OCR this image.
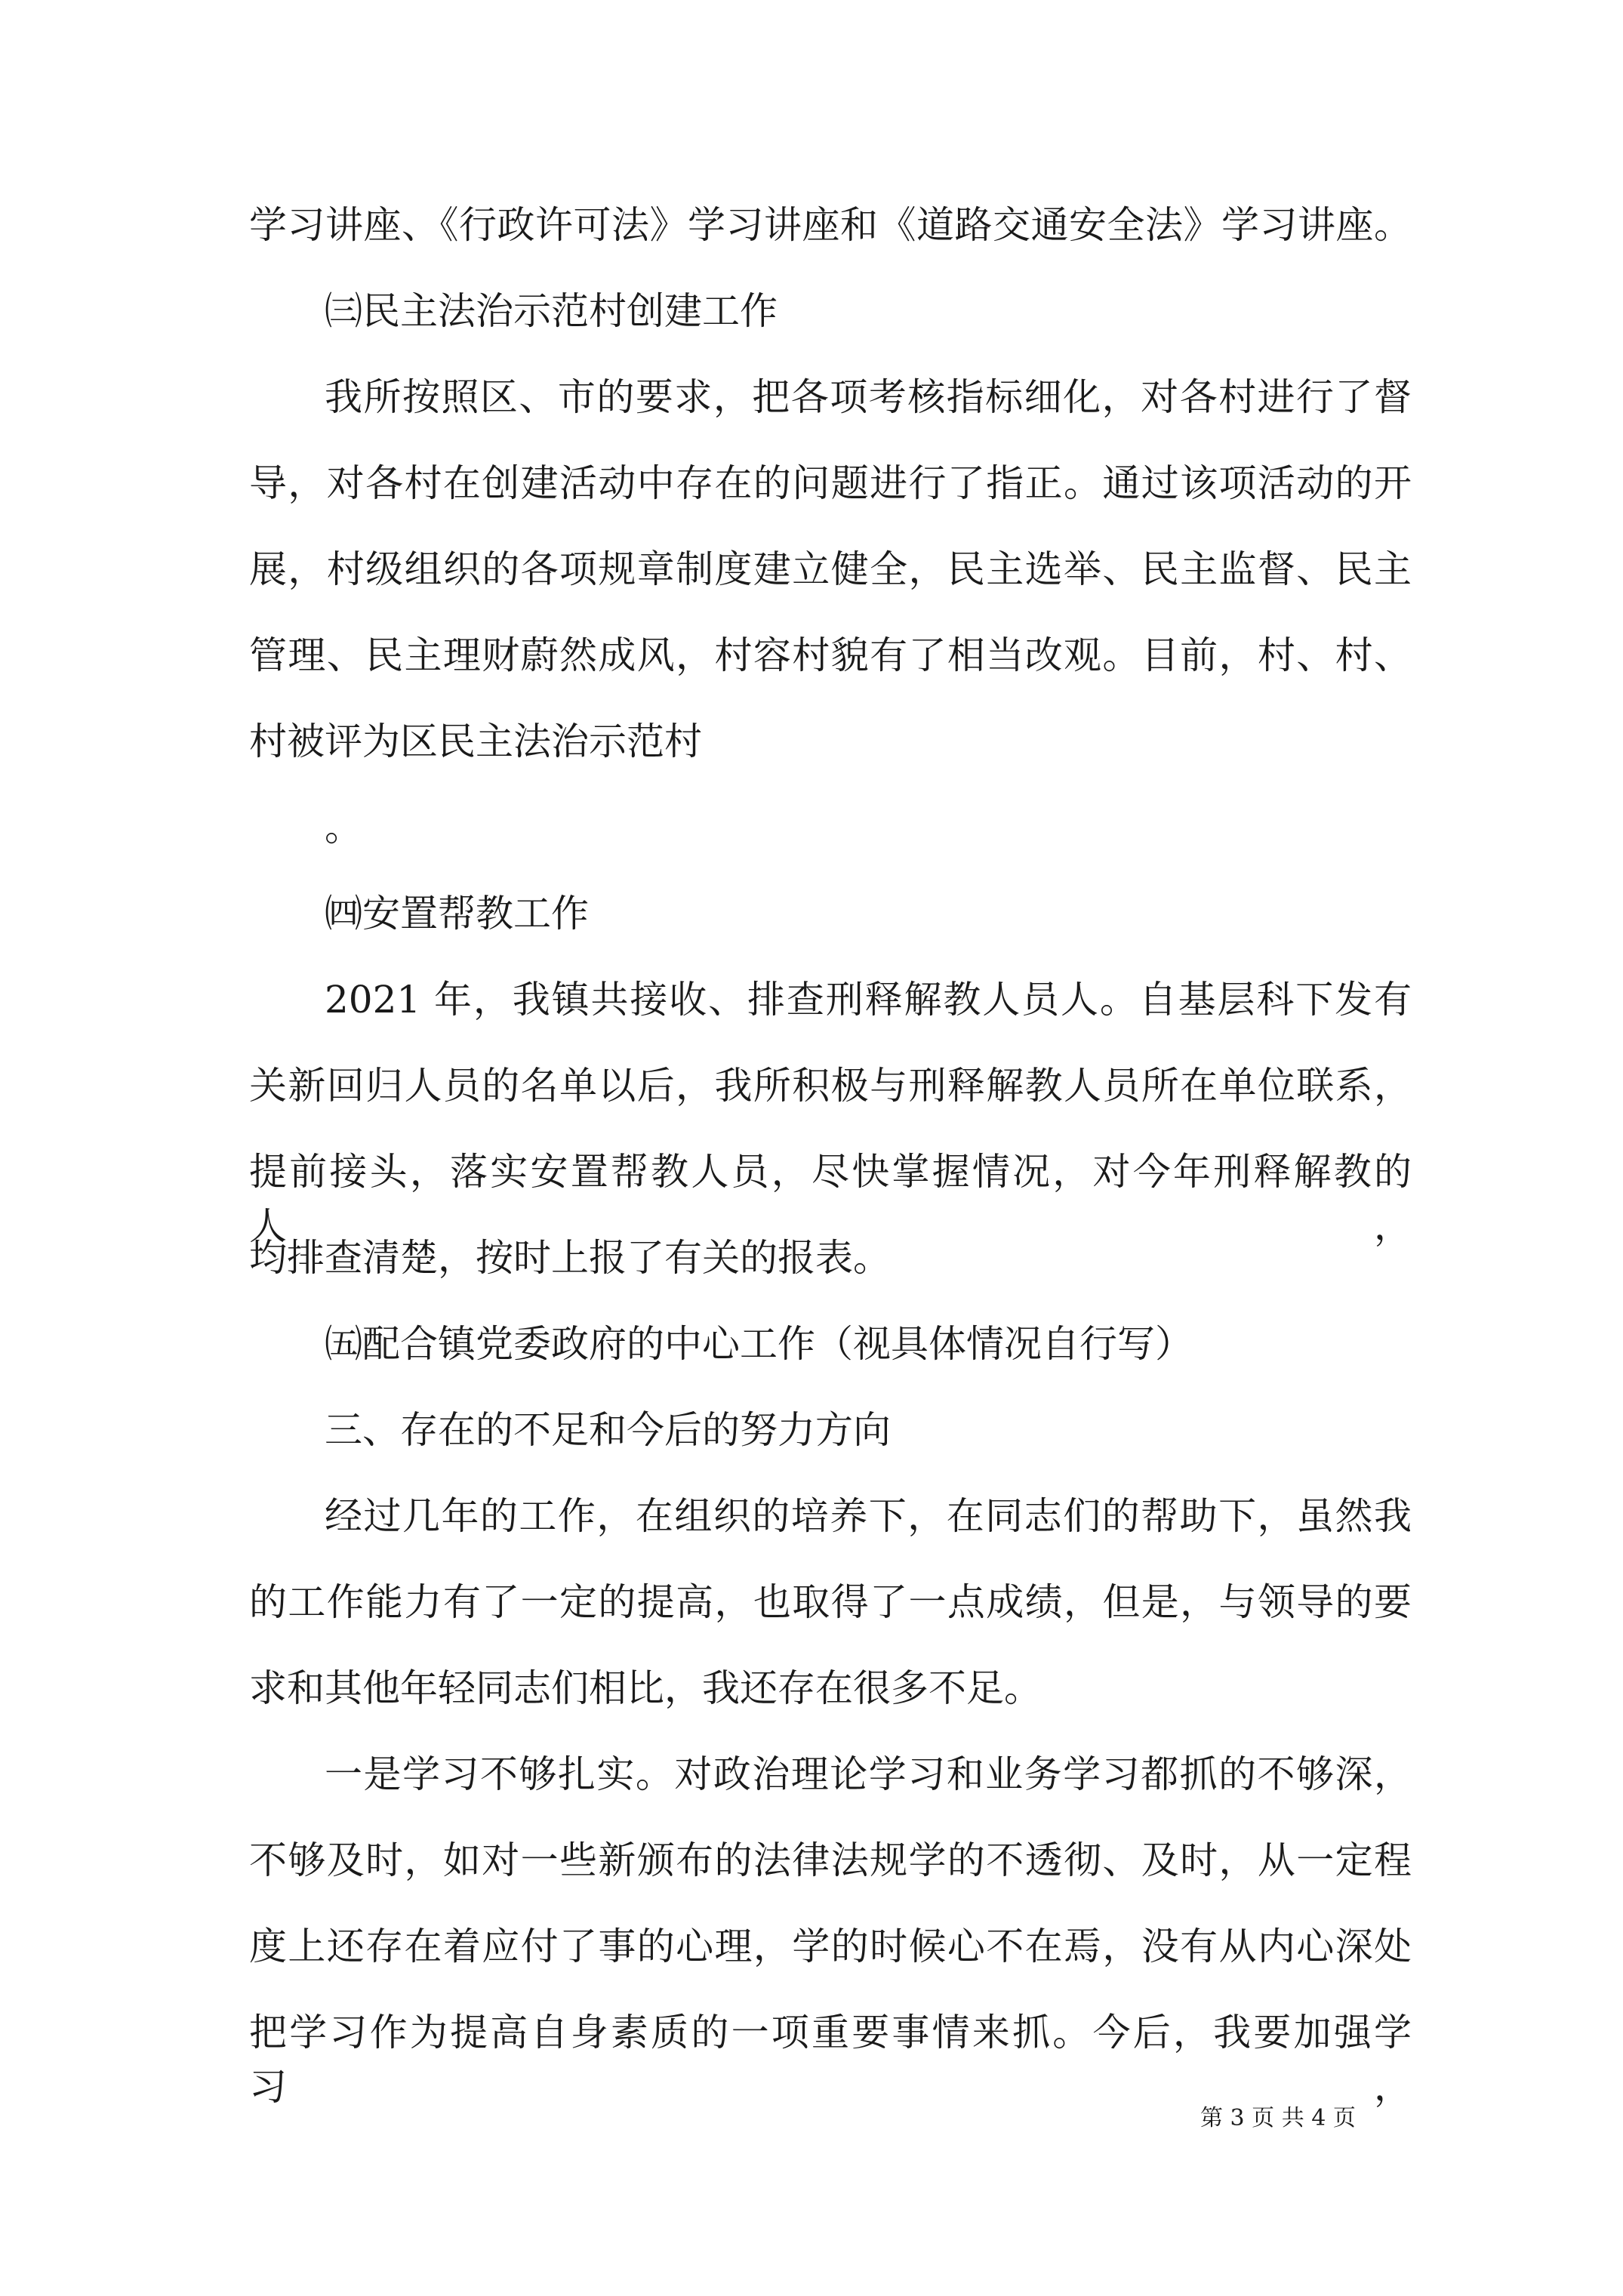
学习讲座、《行政许可法》学习讲座和《道路交通安全法》学习讲座。
㈢民主法治示范村创建工作
我所按照区、市的要求，把各项考核指标细化，对各村进行了督
导，对各村在创建活动中存在的问题进行了指正。通过该项活动的开
展，村级组织的各项规章制度建立健全，民主选举、民主监督、民主
管理、民主理财蔚然成风，村容村貌有了相当改观。目前，村、村、
村被评为区民主法治示范村
。
㈣安置帮教工作
2021 年，我镇共接收、排查刑释解教人员人。自基层科下发有
关新回归人员的名单以后，我所积极与刑释解教人员所在单位联系，
提前接头，落实安置帮教人员，尽快掌握情况，对今年刑释解教的人，
均排查清楚，按时上报了有关的报表。
㈤配合镇党委政府的中心工作（视具体情况自行写）
三、存在的不足和今后的努力方向
经过几年的工作，在组织的培养下，在同志们的帮助下，虽然我
的工作能力有了一定的提高，也取得了一点成绩，但是，与领导的要
求和其他年轻同志们相比，我还存在很多不足。
一是学习不够扎实。对政治理论学习和业务学习都抓的不够深，
不够及时，如对一些新颁布的法律法规学的不透彻、及时，从一定程
度上还存在着应付了事的心理，学的时候心不在焉，没有从内心深处
把学习作为提高自身素质的一项重要事情来抓。今后，我要加强学习，
第 3 页 共 4 页
